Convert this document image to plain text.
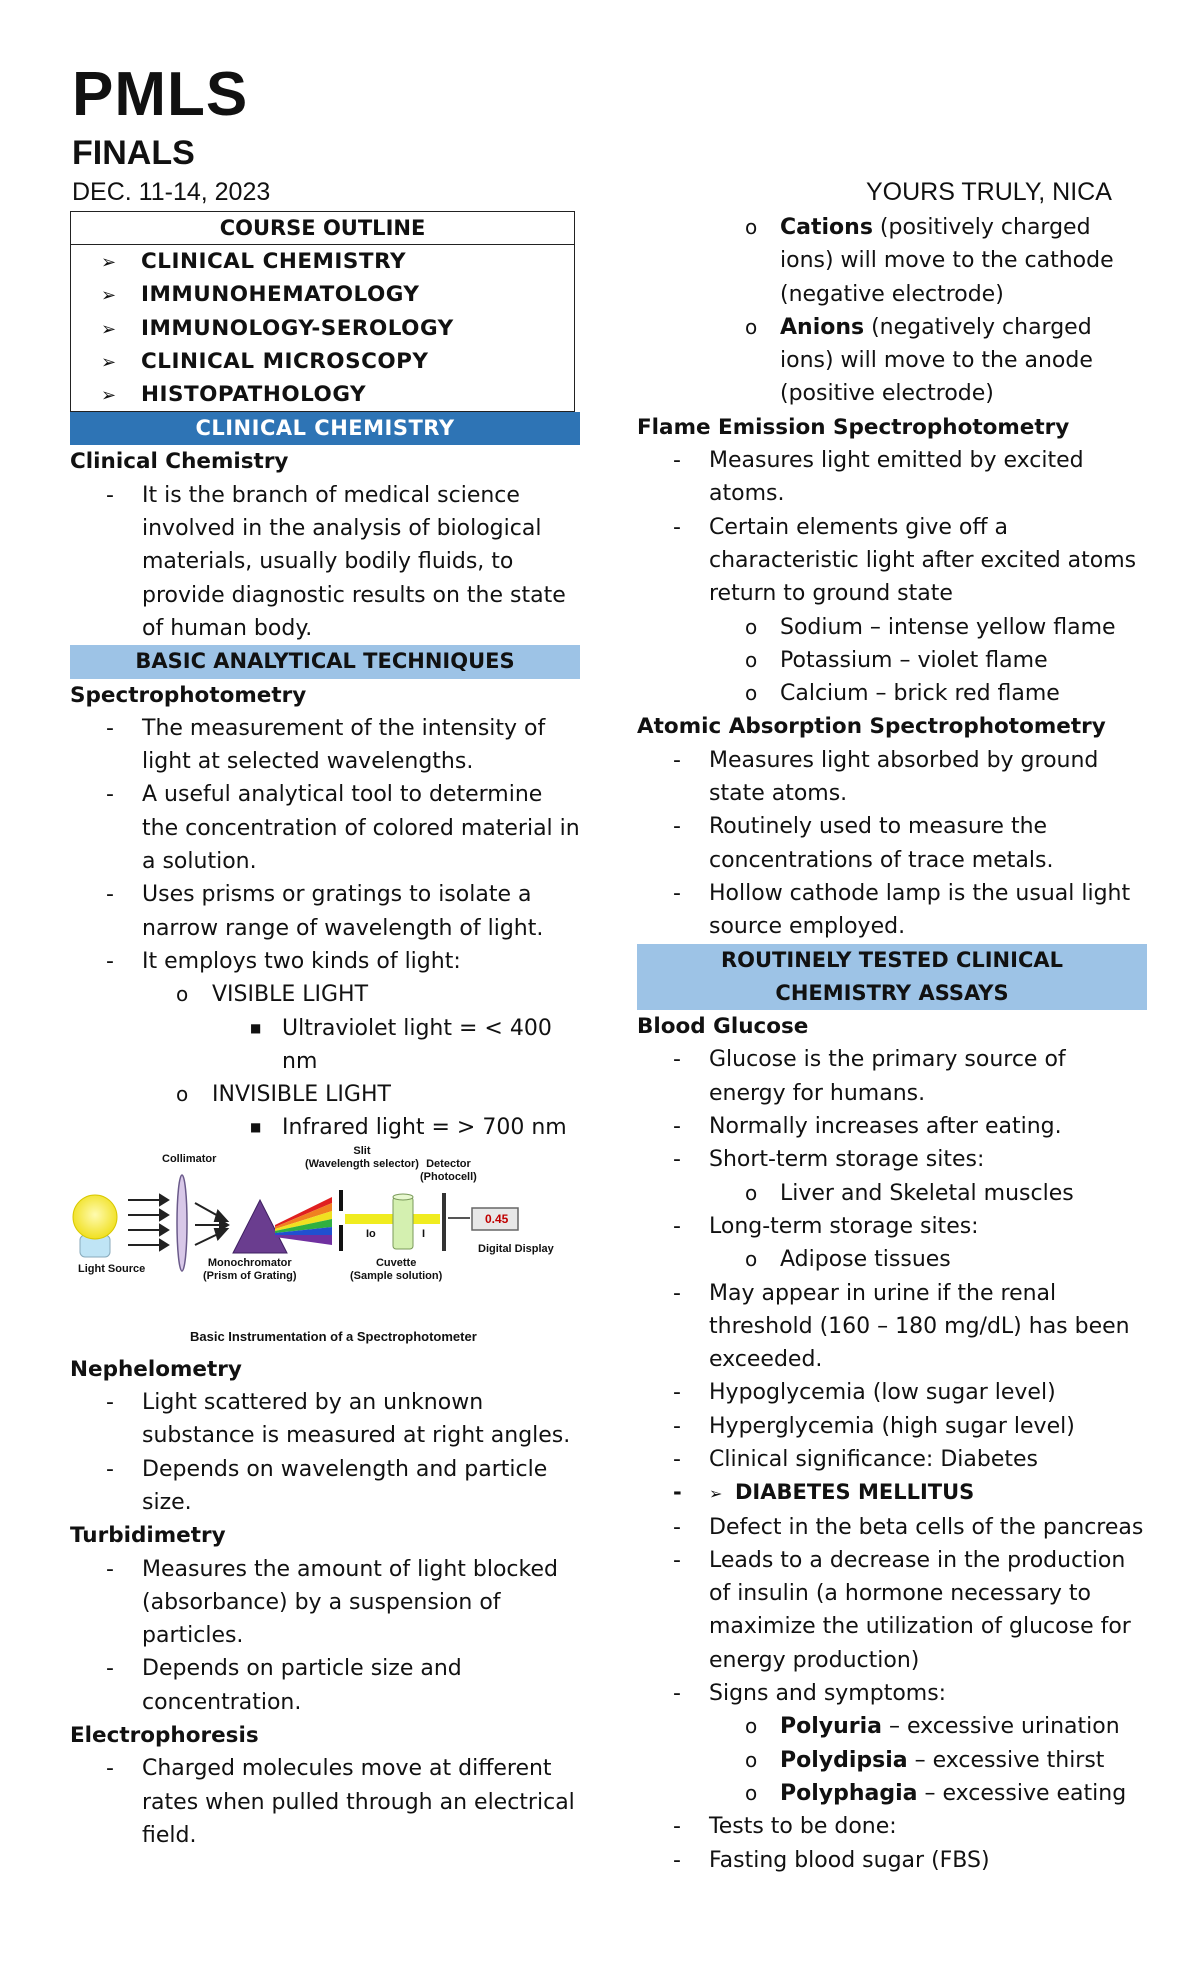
PMLS
FINALS
DEC. 11-14, 2023	YOURS TRULY, NICA
COURSE OUTLINE
➢ CLINICAL CHEMISTRY
➢ IMMUNOHEMATOLOGY
➢ IMMUNOLOGY-SEROLOGY
➢ CLINICAL MICROSCOPY
➢ HISTOPATHOLOGY
CLINICAL CHEMISTRY
Clinical Chemistry
- It is the branch of medical science involved in the analysis of biological materials, usually bodily fluids, to provide diagnostic results on the state of human body.
BASIC ANALYTICAL TECHNIQUES
Spectrophotometry
- The measurement of the intensity of light at selected wavelengths.
- A useful analytical tool to determine the concentration of colored material in a solution.
- Uses prisms or gratings to isolate a narrow range of wavelength of light.
- It employs two kinds of light:
o VISIBLE LIGHT
■ Ultraviolet light = < 400 nm
o INVISIBLE LIGHT
■ Infrared light = > 700 nm
Collimator
Slit
(Wavelength selector) Detector
(Photocell)
0.45
Digital Display
Io	I
Light Source	Monochromator
(Prism of Grating)
Cuvette
(Sample solution)
Basic Instrumentation of a Spectrophotometer
Nephelometry
- Light scattered by an unknown substance is measured at right angles.
- Depends on wavelength and particle size.
Turbidimetry
- Measures the amount of light blocked (absorbance) by a suspension of particles.
- Depends on particle size and concentration.
Electrophoresis
- Charged molecules move at different rates when pulled through an electrical field.
o Cations (positively charged ions) will move to the cathode (negative electrode)
o Anions (negatively charged ions) will move to the anode (positive electrode)
Flame Emission Spectrophotometry
- Measures light emitted by excited atoms.
- Certain elements give off a characteristic light after excited atoms return to ground state
o Sodium – intense yellow flame
o Potassium – violet flame
o Calcium – brick red flame
Atomic Absorption Spectrophotometry
- Measures light absorbed by ground state atoms.
- Routinely used to measure the concentrations of trace metals.
- Hollow cathode lamp is the usual light source employed.
ROUTINELY TESTED CLINICAL CHEMISTRY ASSAYS
Blood Glucose
- Glucose is the primary source of energy for humans.
- Normally increases after eating.
- Short-term storage sites:
o Liver and Skeletal muscles
- Long-term storage sites:
o Adipose tissues
- May appear in urine if the renal threshold (160 – 180 mg/dL) has been exceeded.
- Hypoglycemia (low sugar level)
- Hyperglycemia (high sugar level)
- Clinical significance: Diabetes
- ➢ DIABETES MELLITUS
- Defect in the beta cells of the pancreas
- Leads to a decrease in the production of insulin (a hormone necessary to maximize the utilization of glucose for energy production)
- Signs and symptoms:
o Polyuria – excessive urination
o Polydipsia – excessive thirst
o Polyphagia – excessive eating
- Tests to be done:
- Fasting blood sugar (FBS)
